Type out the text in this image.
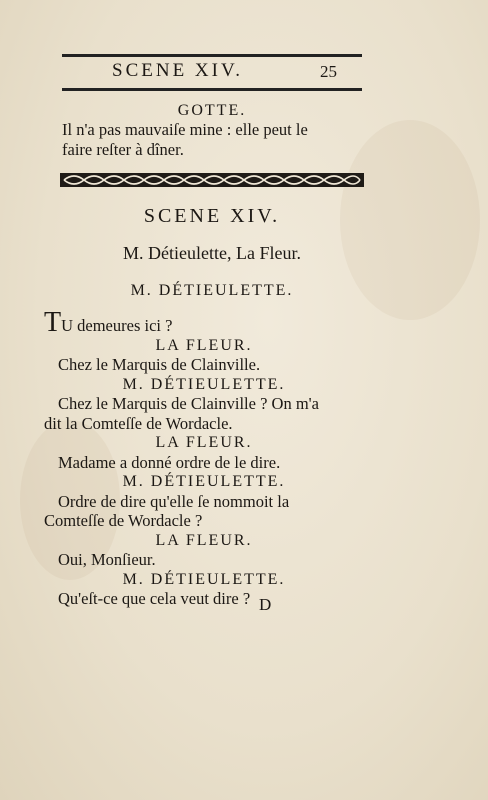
SCENE XIV.	25
GOTTE.
Il n'a pas mauvaiſe mine : elle peut le
faire reſter à dîner.
SCENE XIV.
M. Détieulette, La Fleur.
M. DÉTIEULETTE.
TU demeures ici ?
LA FLEUR.
Chez le Marquis de Clainville.
M. DÉTIEULETTE.
Chez le Marquis de Clainville ? On m'a
dit la Comteſſe de Wordacle.
LA FLEUR.
Madame a donné ordre de le dire.
M. DÉTIEULETTE.
Ordre de dire qu'elle ſe nommoit la
Comteſſe de Wordacle ?
LA FLEUR.
Oui, Monſieur.
M. DÉTIEULETTE.
Qu'eſt-ce que cela veut dire ? D
